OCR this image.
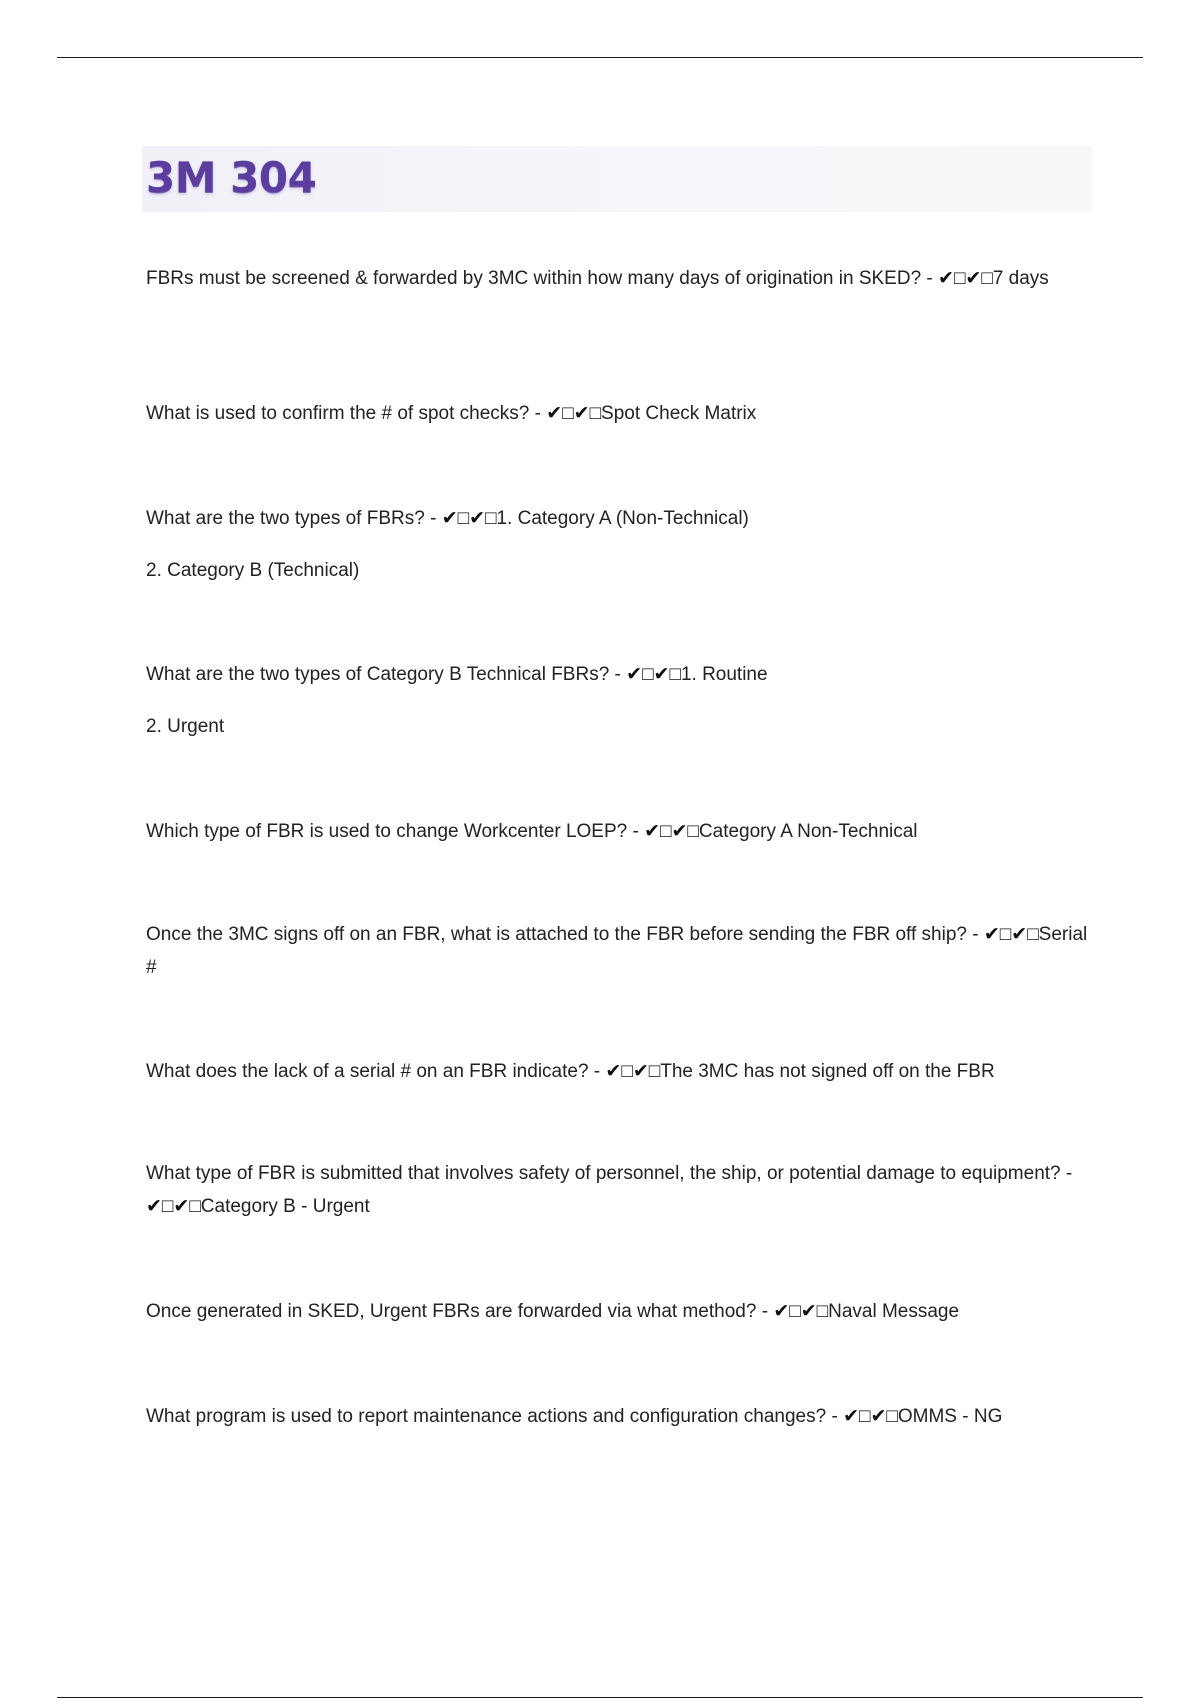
3M 304

FBRs must be screened & forwarded by 3MC within how many days of origination in SKED? - ✔□✔□7 days

What is used to confirm the # of spot checks? - ✔□✔□Spot Check Matrix

What are the two types of FBRs? - ✔□✔□1. Category A (Non-Technical)

2. Category B (Technical)

What are the two types of Category B Technical FBRs? - ✔□✔□1. Routine

2. Urgent

Which type of FBR is used to change Workcenter LOEP? - ✔□✔□Category A Non-Technical

Once the 3MC signs off on an FBR, what is attached to the FBR before sending the FBR off ship? - ✔□✔□Serial #

What does the lack of a serial # on an FBR indicate? - ✔□✔□The 3MC has not signed off on the FBR

What type of FBR is submitted that involves safety of personnel, the ship, or potential damage to equipment? - ✔□✔□Category B - Urgent

Once generated in SKED, Urgent FBRs are forwarded via what method? - ✔□✔□Naval Message

What program is used to report maintenance actions and configuration changes? - ✔□✔□OMMS - NG
